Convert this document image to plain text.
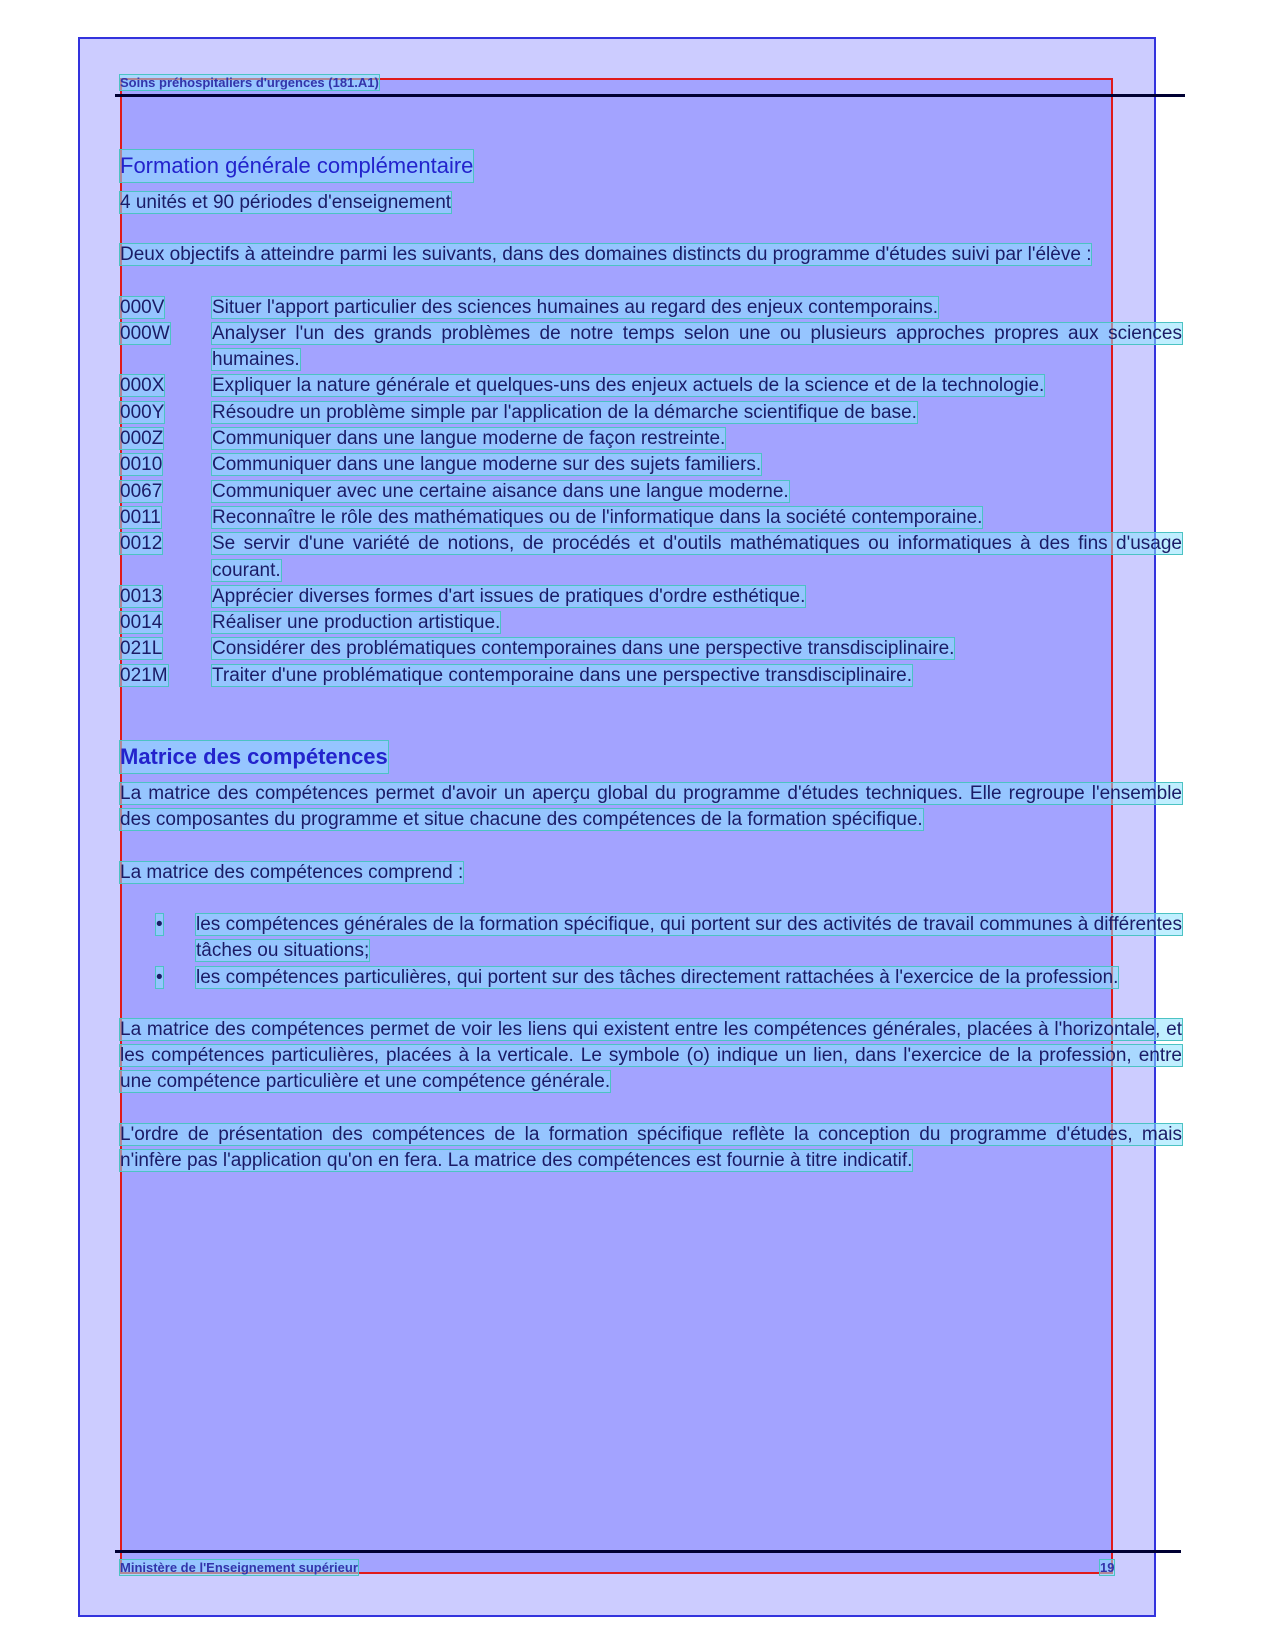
Soins préhospitaliers d'urgences (181.A1)
Formation générale complémentaire
4 unités et 90 périodes d'enseignement

Deux objectifs à atteindre parmi les suivants, dans des domaines distincts du programme d'études suivi par l'élève :

000V	Situer l'apport particulier des sciences humaines au regard des enjeux contemporains.
000W	Analyser l'un des grands problèmes de notre temps selon une ou plusieurs approches propres aux sciences humaines.
000X	Expliquer la nature générale et quelques-uns des enjeux actuels de la science et de la technologie.
000Y	Résoudre un problème simple par l'application de la démarche scientifique de base.
000Z	Communiquer dans une langue moderne de façon restreinte.
0010	Communiquer dans une langue moderne sur des sujets familiers.
0067	Communiquer avec une certaine aisance dans une langue moderne.
0011	Reconnaître le rôle des mathématiques ou de l'informatique dans la société contemporaine.
0012	Se servir d'une variété de notions, de procédés et d'outils mathématiques ou informatiques à des fins d'usage courant.
0013	Apprécier diverses formes d'art issues de pratiques d'ordre esthétique.
0014	Réaliser une production artistique.
021L	Considérer des problématiques contemporaines dans une perspective transdisciplinaire.
021M	Traiter d'une problématique contemporaine dans une perspective transdisciplinaire.
Matrice des compétences

La matrice des compétences permet d'avoir un aperçu global du programme d'études techniques. Elle regroupe l'ensemble des composantes du programme et situe chacune des compétences de la formation spécifique.

La matrice des compétences comprend :

•	les compétences générales de la formation spécifique, qui portent sur des activités de travail communes à différentes tâches ou situations;
•	les compétences particulières, qui portent sur des tâches directement rattachées à l'exercice de la profession.

La matrice des compétences permet de voir les liens qui existent entre les compétences générales, placées à l'horizontale, et les compétences particulières, placées à la verticale. Le symbole (o) indique un lien, dans l'exercice de la profession, entre une compétence particulière et une compétence générale.

L'ordre de présentation des compétences de la formation spécifique reflète la conception du programme d'études, mais n'infère pas l'application qu'on en fera. La matrice des compétences est fournie à titre indicatif.

Ministère de l'Enseignement supérieur	19
